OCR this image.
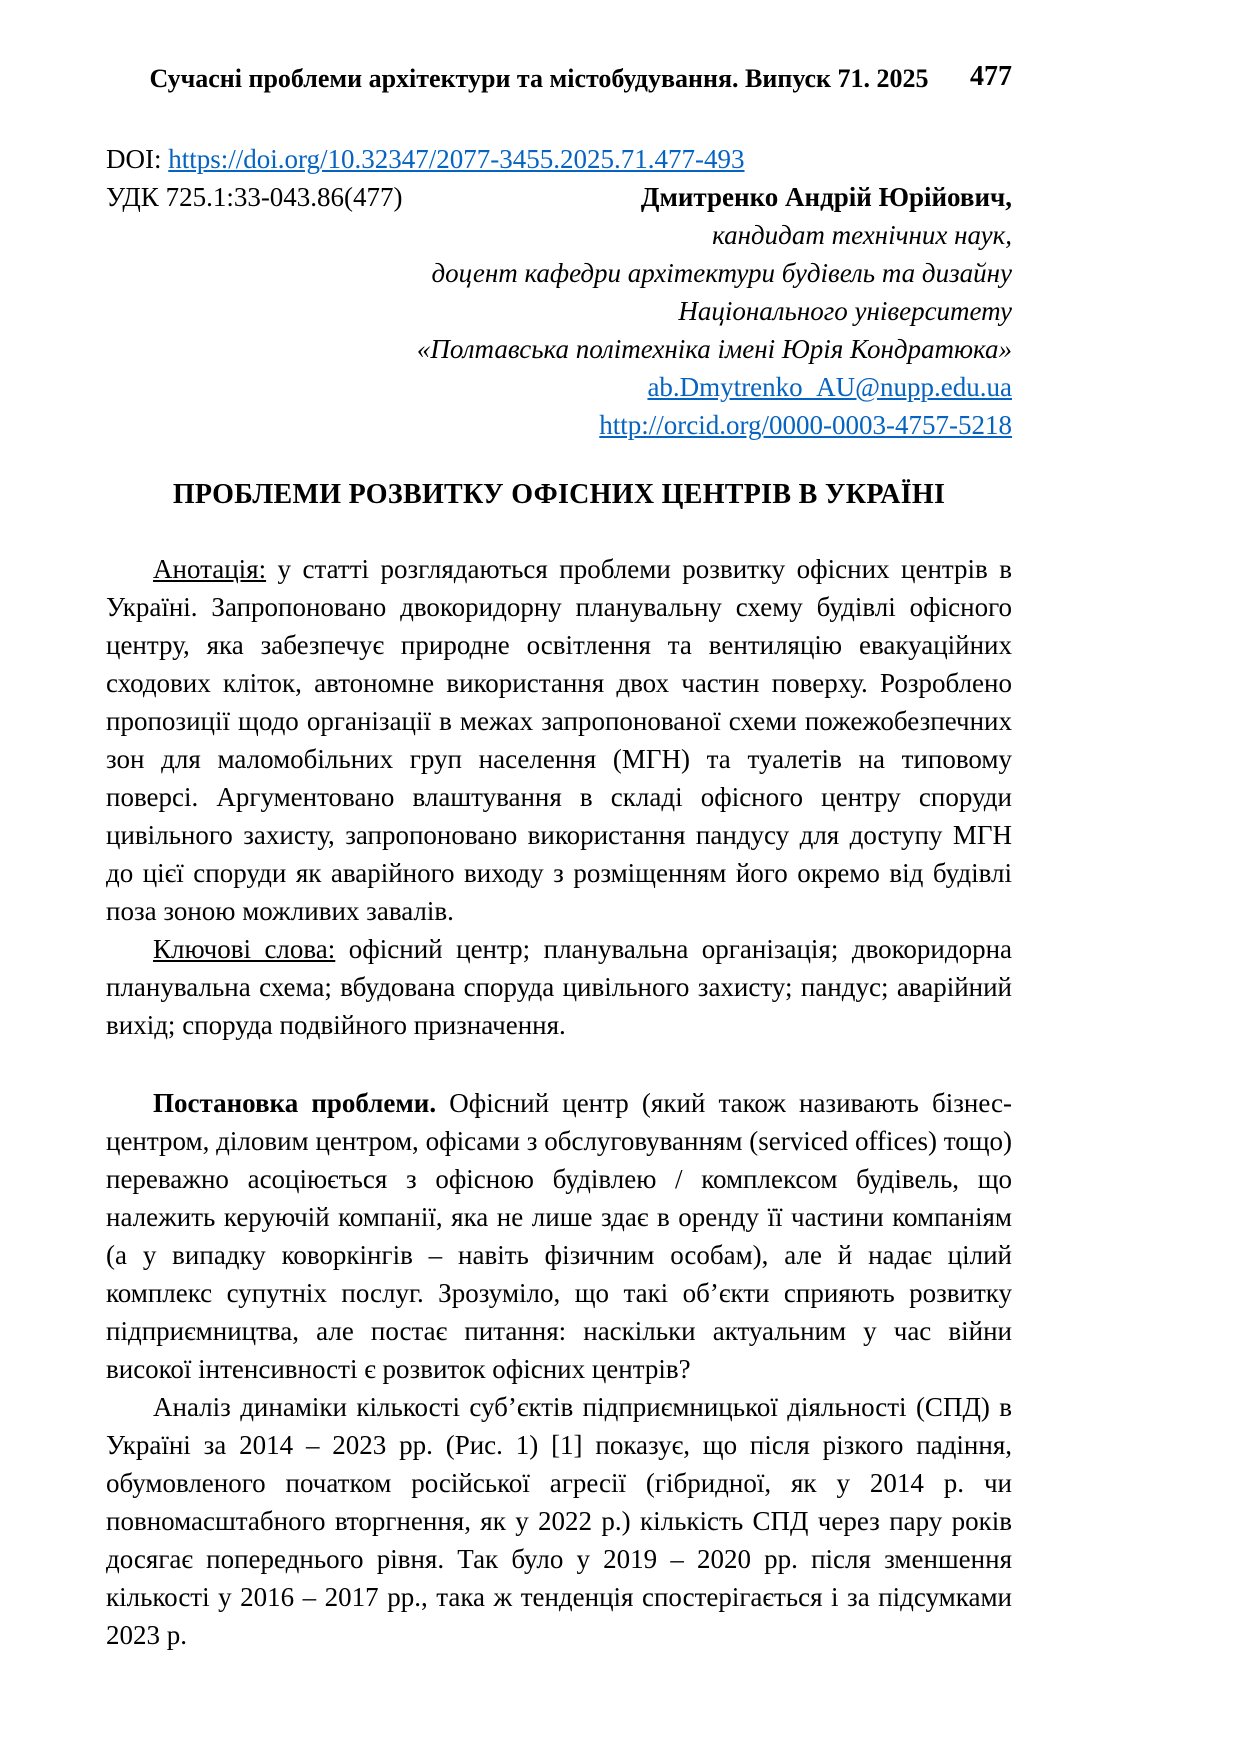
Сучасні проблеми архітектури та містобудування. Випуск 71. 2025	477
DOI: https://doi.org/10.32347/2077-3455.2025.71.477-493
УДК 725.1:33-043.86(477)	Дмитренко Андрій Юрійович,
кандидат технічних наук,
доцент кафедри архітектури будівель та дизайну
Національного університету
«Полтавська політехніка імені Юрія Кондратюка»
ab.Dmytrenko_AU@nupp.edu.ua
http://orcid.org/0000-0003-4757-5218
ПРОБЛЕМИ РОЗВИТКУ ОФІСНИХ ЦЕНТРІВ В УКРАЇНІ

Анотація: у статті розглядаються проблеми розвитку офісних центрів в Україні. Запропоновано двокоридорну планувальну схему будівлі офісного центру, яка забезпечує природне освітлення та вентиляцію евакуаційних сходових кліток, автономне використання двох частин поверху. Розроблено пропозиції щодо організації в межах запропонованої схеми пожежобезпечних зон для маломобільних груп населення (МГН) та туалетів на типовому поверсі. Аргументовано влаштування в складі офісного центру споруди цивільного захисту, запропоновано використання пандусу для доступу МГН до цієї споруди як аварійного виходу з розміщенням його окремо від будівлі поза зоною можливих завалів.

Ключові слова: офісний центр; планувальна організація; двокоридорна планувальна схема; вбудована споруда цивільного захисту; пандус; аварійний вихід; споруда подвійного призначення.

Постановка проблеми. Офісний центр (який також називають бізнес-центром, діловим центром, офісами з обслуговуванням (serviced offices) тощо) переважно асоціюється з офісною будівлею / комплексом будівель, що належить керуючій компанії, яка не лише здає в оренду її частини компаніям (а у випадку коворкінгів – навіть фізичним особам), але й надає цілий комплекс супутніх послуг. Зрозуміло, що такі об’єкти сприяють розвитку підприємництва, але постає питання: наскільки актуальним у час війни високої інтенсивності є розвиток офісних центрів?

Аналіз динаміки кількості суб’єктів підприємницької діяльності (СПД) в Україні за 2014 – 2023 рр. (Рис. 1) [1] показує, що після різкого падіння, обумовленого початком російської агресії (гібридної, як у 2014 р. чи повномасштабного вторгнення, як у 2022 р.) кількість СПД через пару років досягає попереднього рівня. Так було у 2019 – 2020 рр. після зменшення кількості у 2016 – 2017 рр., така ж тенденція спостерігається і за підсумками 2023 р.
